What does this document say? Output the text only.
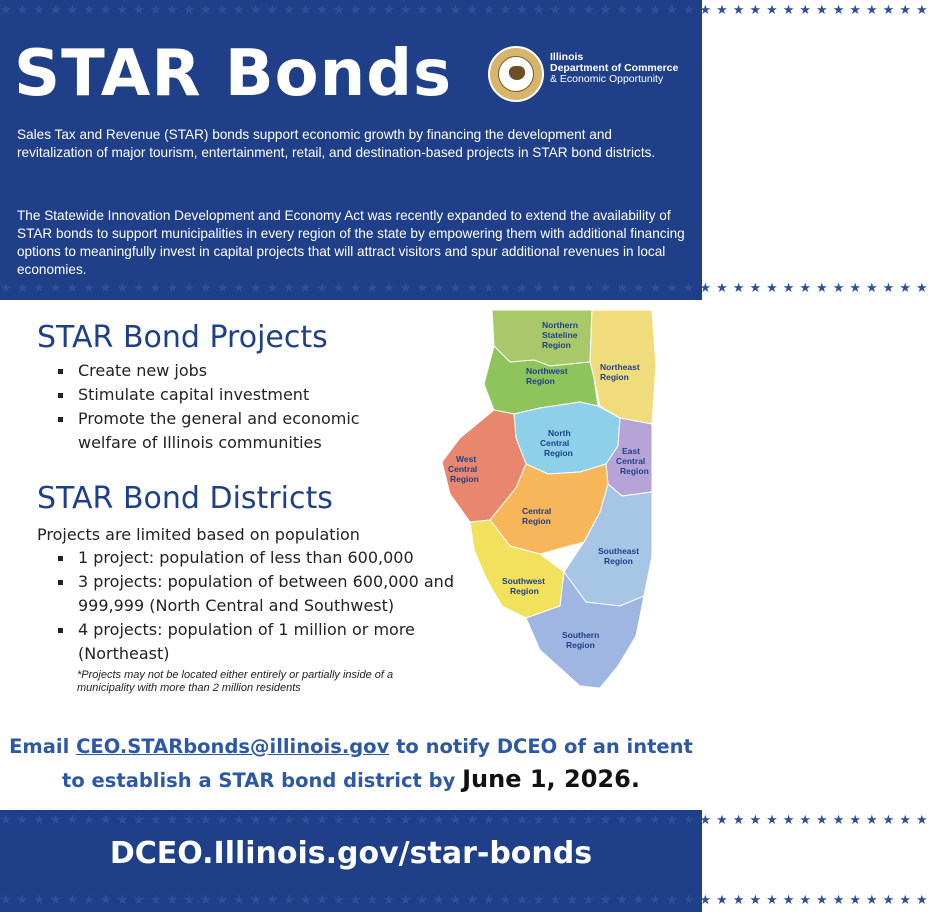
★★★★★★★★★★★★★★★★★★★★★★★★★★★★★★★★★★★★★★★★★★★★★★★★★★★★★★★★
★★★★★★★★★★★★★★★★★★★★★★★★★★★★★★★★★★★★★★★★★★★★★★★★★★★★★★★★
STAR Bonds	Illinois
Department of Commerce
& Economic Opportunity

Sales Tax and Revenue (STAR) bonds support economic growth by financing the development and revitalization of major tourism, entertainment, retail, and destination-based projects in STAR bond districts.

The Statewide Innovation Development and Economy Act was recently expanded to extend the availability of STAR bonds to support municipalities in every region of the state by empowering them with additional financing options to meaningfully invest in capital projects that will attract visitors and spur additional revenues in local economies.

STAR Bond Projects
Create new jobs
Stimulate capital investment
Promote the general and economic welfare of Illinois communities
STAR Bond Districts

Projects are limited based on population

1 project: population of less than 600,000
3 projects: population of between 600,000 and 999,999 (North Central and Southwest)
4 projects: population of 1 million or more (Northeast)

*Projects may not be located either entirely or partially inside of a municipality with more than 2 million residents

Northern Stateline Region
Northwest Region
Northeast Region
North Central Region	East Central Region
West Central Region
Central Region
Southeast Region
Southwest Region
Southern Region

Email CEO.STARbonds@illinois.gov to notify DCEO of an intent
to establish a STAR bond district by June 1, 2026.

★★★★★★★★★★★★★★★★★★★★★★★★★★★★★★★★★★★★★★★★★★★★★★★★★★★★★★★★

DCEO.Illinois.gov/star-bonds

★★★★★★★★★★★★★★★★★★★★★★★★★★★★★★★★★★★★★★★★★★★★★★★★★★★★★★★★
